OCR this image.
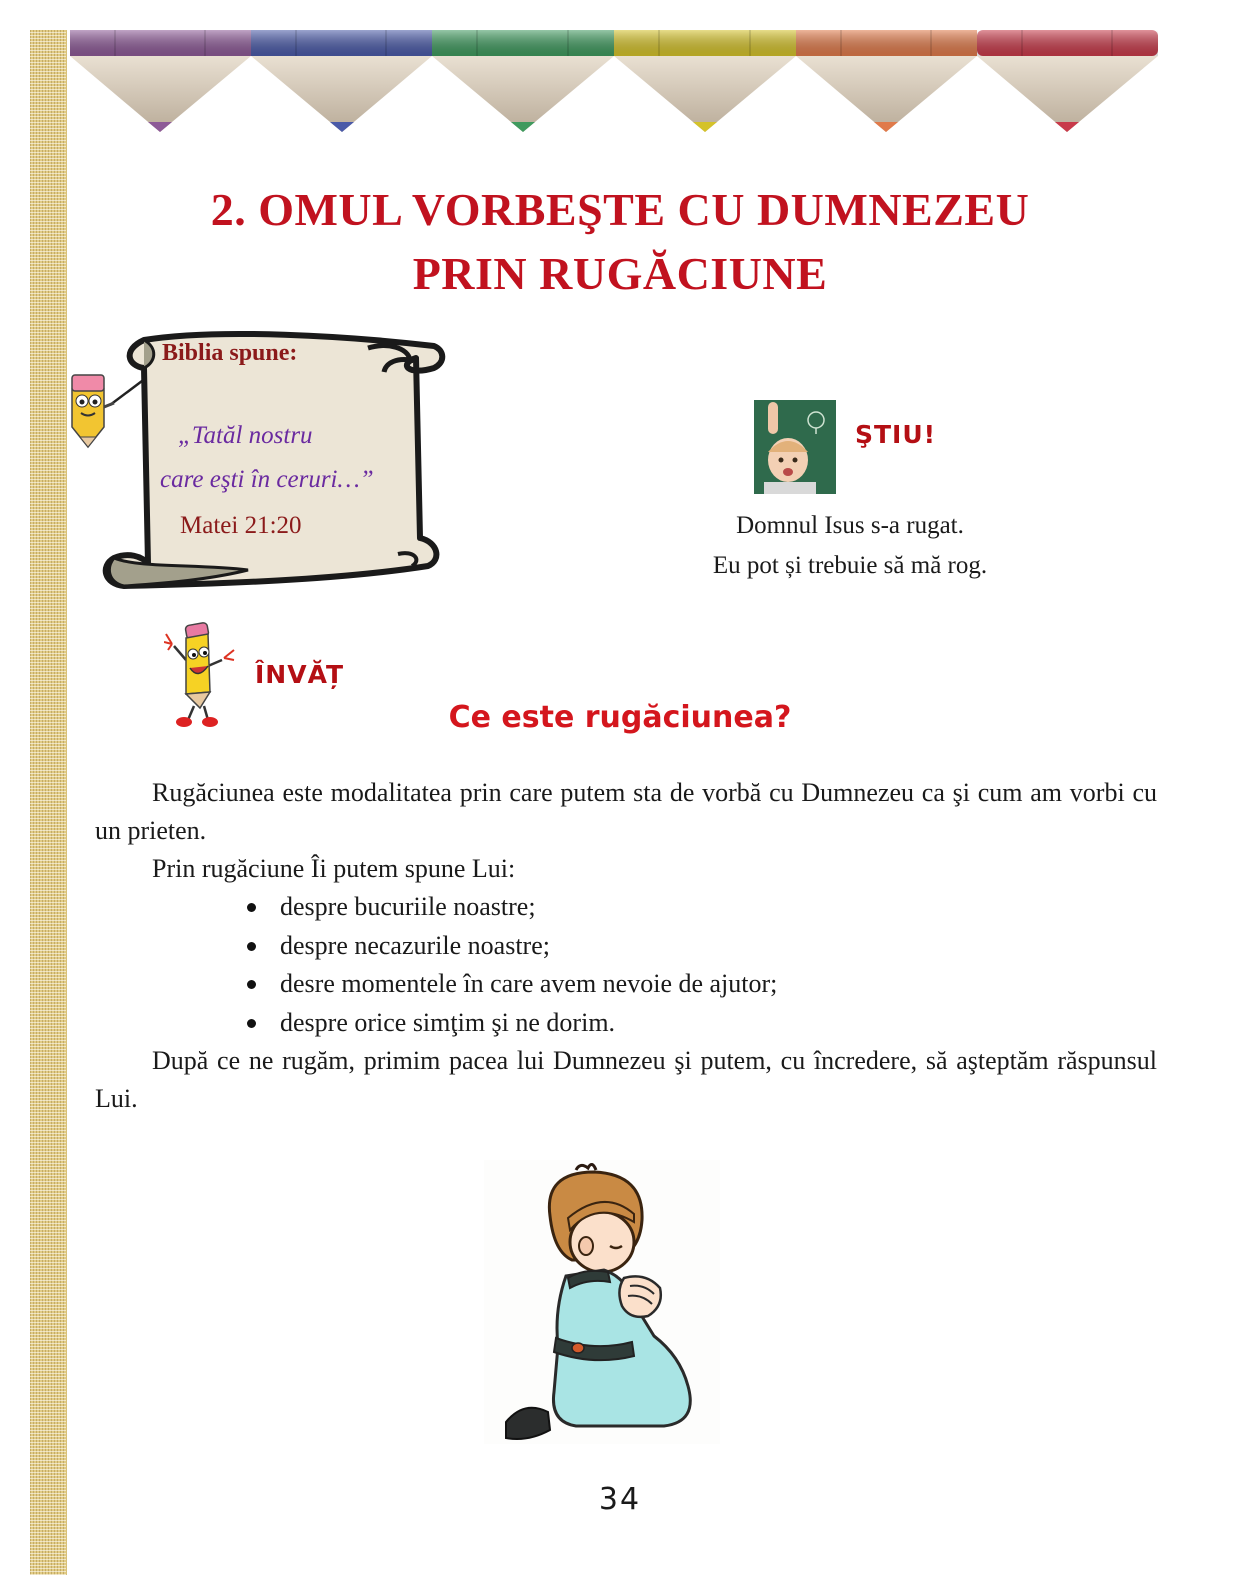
2. OMUL VORBEŞTE CU DUMNEZEU
PRIN RUGĂCIUNE
Biblia spune:
„Tatăl nostru
care eşti în ceruri…”
Matei 21:20
ŞTIU!
Domnul Isus s-a rugat.
Eu pot și trebuie să mă rog.
ÎNVĂȚ
Ce este rugăciunea?

Rugăciunea este modalitatea prin care putem sta de vorbă cu Dumnezeu ca şi cum am vorbi cu un prieten.

Prin rugăciune Îi putem spune Lui:

despre bucuriile noastre;
despre necazurile noastre;
desre momentele în care avem nevoie de ajutor;
despre orice simţim şi ne dorim.

După ce ne rugăm, primim pacea lui Dumnezeu şi putem, cu încredere, să aşteptăm răspunsul Lui.

34
